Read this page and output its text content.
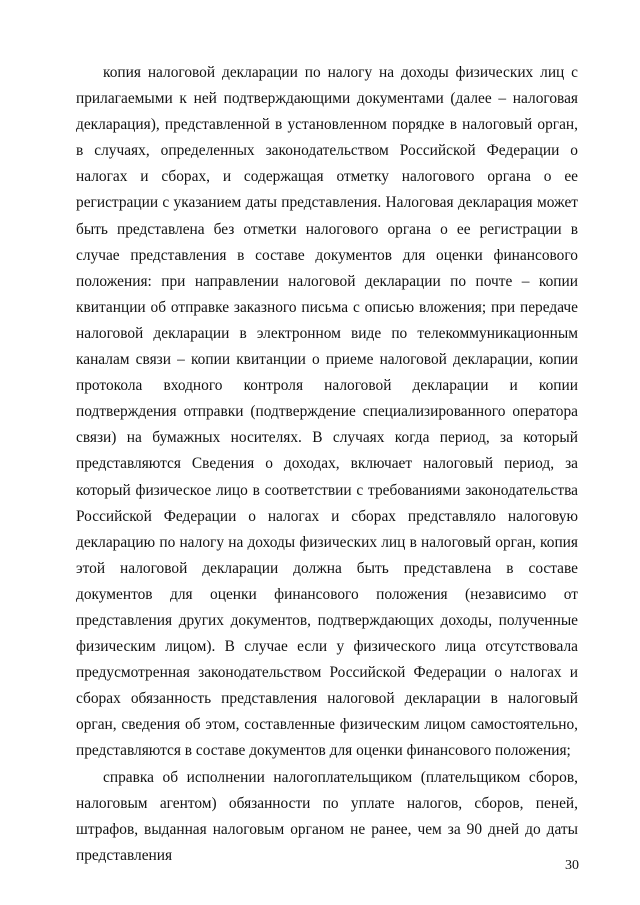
копия налоговой декларации по налогу на доходы физических лиц с прилагаемыми к ней подтверждающими документами (далее – налоговая декларация), представленной в установленном порядке в налоговый орган, в случаях, определенных законодательством Российской Федерации о налогах и сборах, и содержащая отметку налогового органа о ее регистрации с указанием даты представления. Налоговая декларация может быть представлена без отметки налогового органа о ее регистрации в случае представления в составе документов для оценки финансового положения: при направлении налоговой декларации по почте – копии квитанции об отправке заказного письма с описью вложения; при передаче налоговой декларации в электронном виде по телекоммуникационным каналам связи – копии квитанции о приеме налоговой декларации, копии протокола входного контроля налоговой декларации и копии подтверждения отправки (подтверждение специализированного оператора связи) на бумажных носителях. В случаях когда период, за который представляются Сведения о доходах, включает налоговый период, за который физическое лицо в соответствии с требованиями законодательства Российской Федерации о налогах и сборах представляло налоговую декларацию по налогу на доходы физических лиц в налоговый орган, копия этой налоговой декларации должна быть представлена в составе документов для оценки финансового положения (независимо от представления других документов, подтверждающих доходы, полученные физическим лицом). В случае если у физического лица отсутствовала предусмотренная законодательством Российской Федерации о налогах и сборах обязанность представления налоговой декларации в налоговый орган, сведения об этом, составленные физическим лицом самостоятельно, представляются в составе документов для оценки финансового положения;

справка об исполнении налогоплательщиком (плательщиком сборов, налоговым агентом) обязанности по уплате налогов, сборов, пеней, штрафов, выданная налоговым органом не ранее, чем за 90 дней до даты представления

30
